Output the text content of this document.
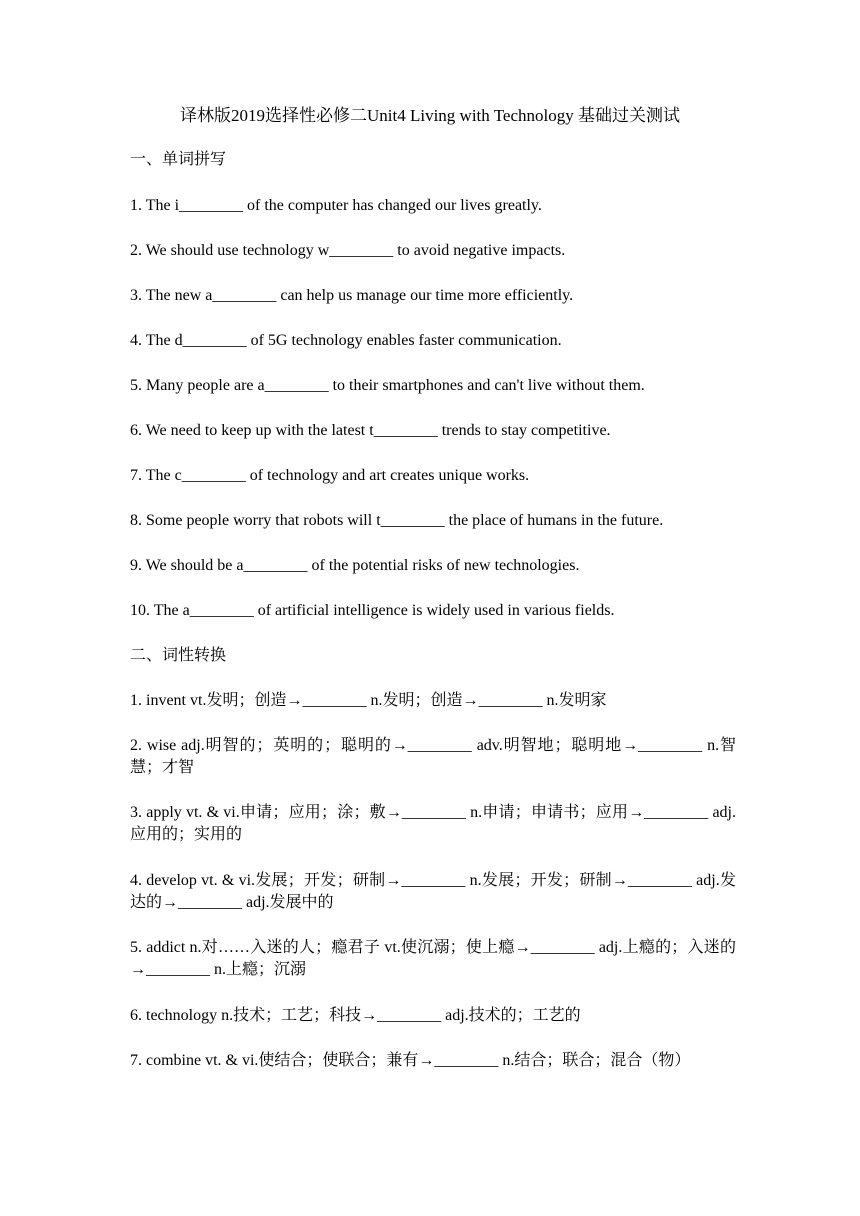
译林版2019选择性必修二Unit4 Living with Technology 基础过关测试
一、单词拼写
1. The i________ of the computer has changed our lives greatly.
2. We should use technology w________ to avoid negative impacts.
3. The new a________ can help us manage our time more efficiently.
4. The d________ of 5G technology enables faster communication.
5. Many people are a________ to their smartphones and can't live without them.
6. We need to keep up with the latest t________ trends to stay competitive.
7. The c________ of technology and art creates unique works.
8. Some people worry that robots will t________ the place of humans in the future.
9. We should be a________ of the potential risks of new technologies.
10. The a________ of artificial intelligence is widely used in various fields.
二、词性转换
1. invent vt.发明；创造→________ n.发明；创造→________ n.发明家
2. wise adj.明智的；英明的；聪明的→________ adv.明智地；聪明地→________ n.智慧；才智
3. apply vt. & vi.申请；应用；涂；敷→________ n.申请；申请书；应用→________ adj.应用的；实用的
4. develop vt. & vi.发展；开发；研制→________ n.发展；开发；研制→________ adj.发达的→________ adj.发展中的
5. addict n.对……入迷的人；瘾君子 vt.使沉溺；使上瘾→________ adj.上瘾的；入迷的→________ n.上瘾；沉溺
6. technology n.技术；工艺；科技→________ adj.技术的；工艺的
7. combine vt. & vi.使结合；使联合；兼有→________ n.结合；联合；混合（物）
